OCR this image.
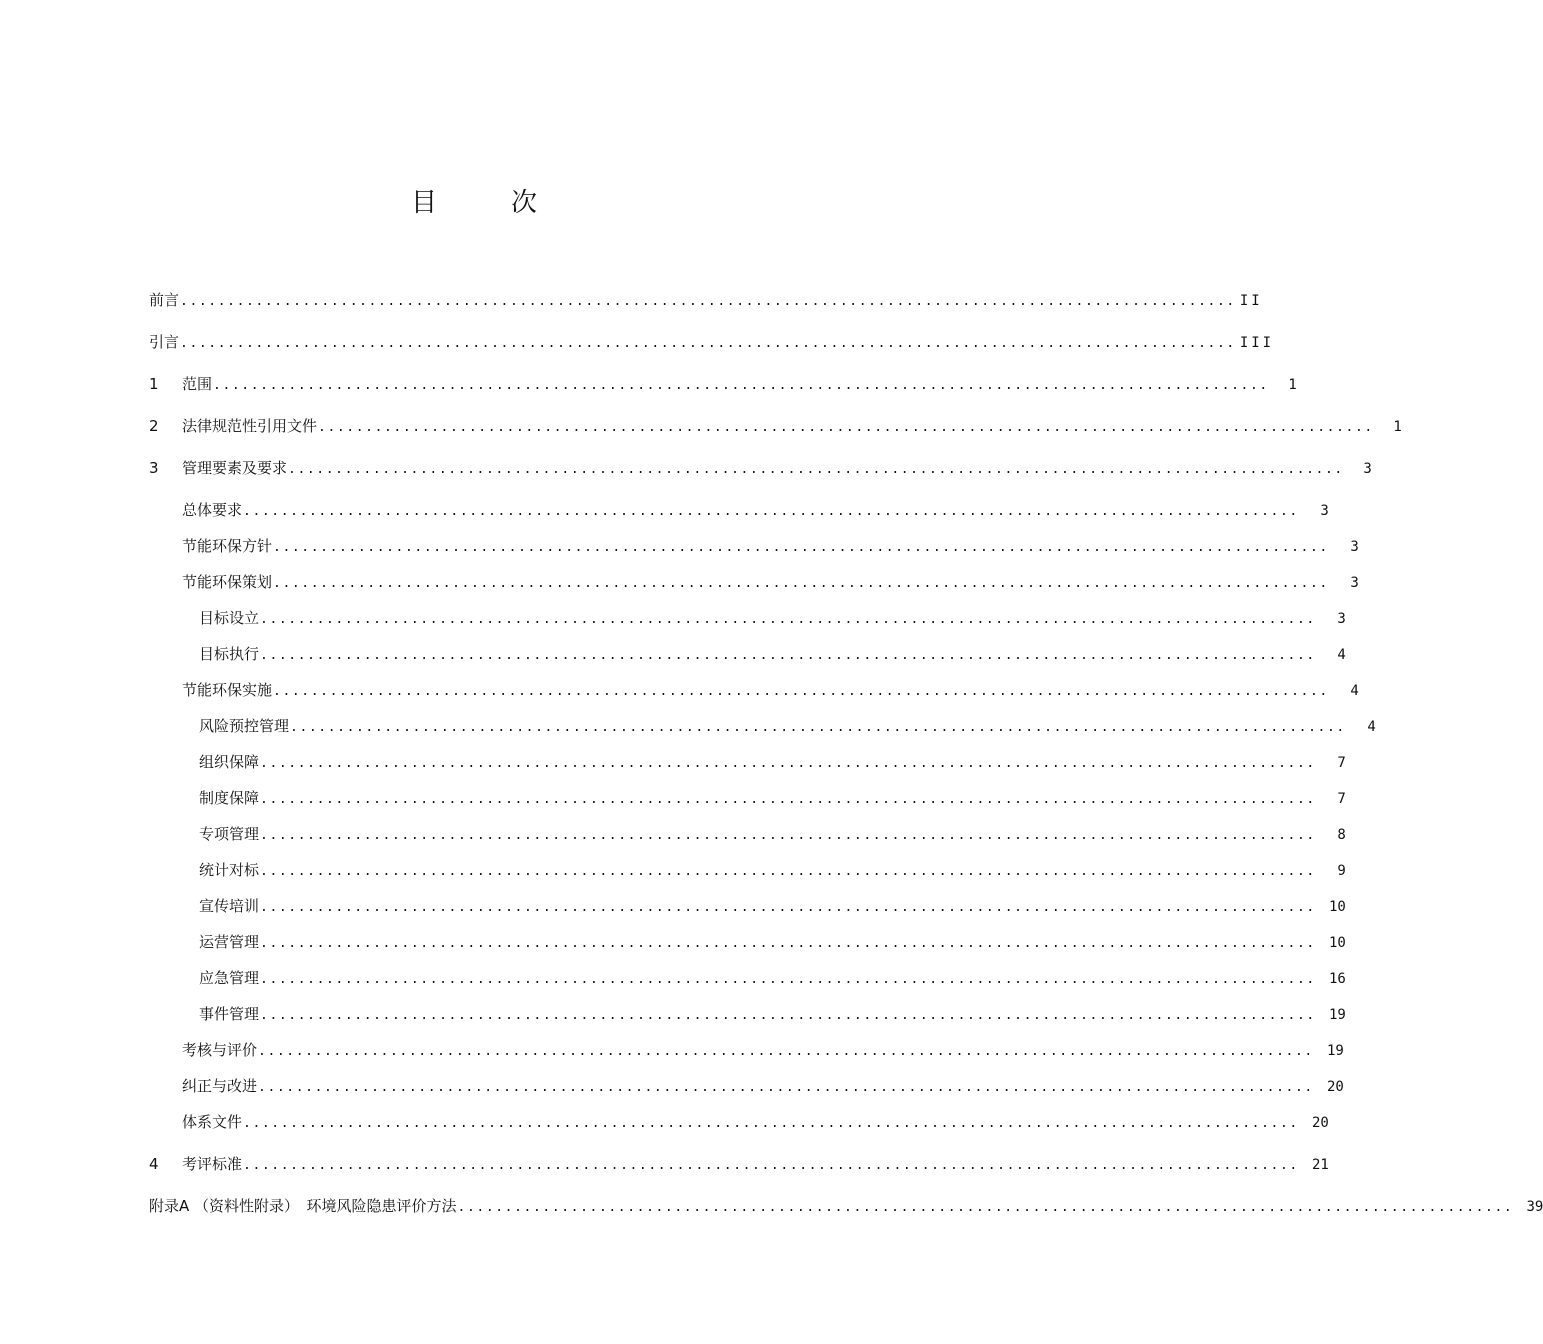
目	次
前言 ................................................................................................................ II
引言 ................................................................................................................ III
1	范围 ................................................................................................................	1
2	法律规范性引用文件 ................................................................................................................	1
3	管理要素及要求 ................................................................................................................	3
总体要求 ................................................................................................................	3
节能环保方针 ................................................................................................................	3
节能环保策划 ................................................................................................................	3
目标设立 ................................................................................................................	3
目标执行 ................................................................................................................	4
节能环保实施 ................................................................................................................	4
风险预控管理 ................................................................................................................	4
组织保障 ................................................................................................................	7
制度保障 ................................................................................................................	7
专项管理 ................................................................................................................	8
统计对标 ................................................................................................................	9
宣传培训 ................................................................................................................ 10
运营管理 ................................................................................................................ 10
应急管理 ................................................................................................................ 16
事件管理 ................................................................................................................ 19
考核与评价 ................................................................................................................ 19
纠正与改进 ................................................................................................................ 20
体系文件 ................................................................................................................ 20
4	考评标准 ................................................................................................................ 21
附录A （资料性附录）　环境风险隐患评价方法 ................................................................................................................ 39
